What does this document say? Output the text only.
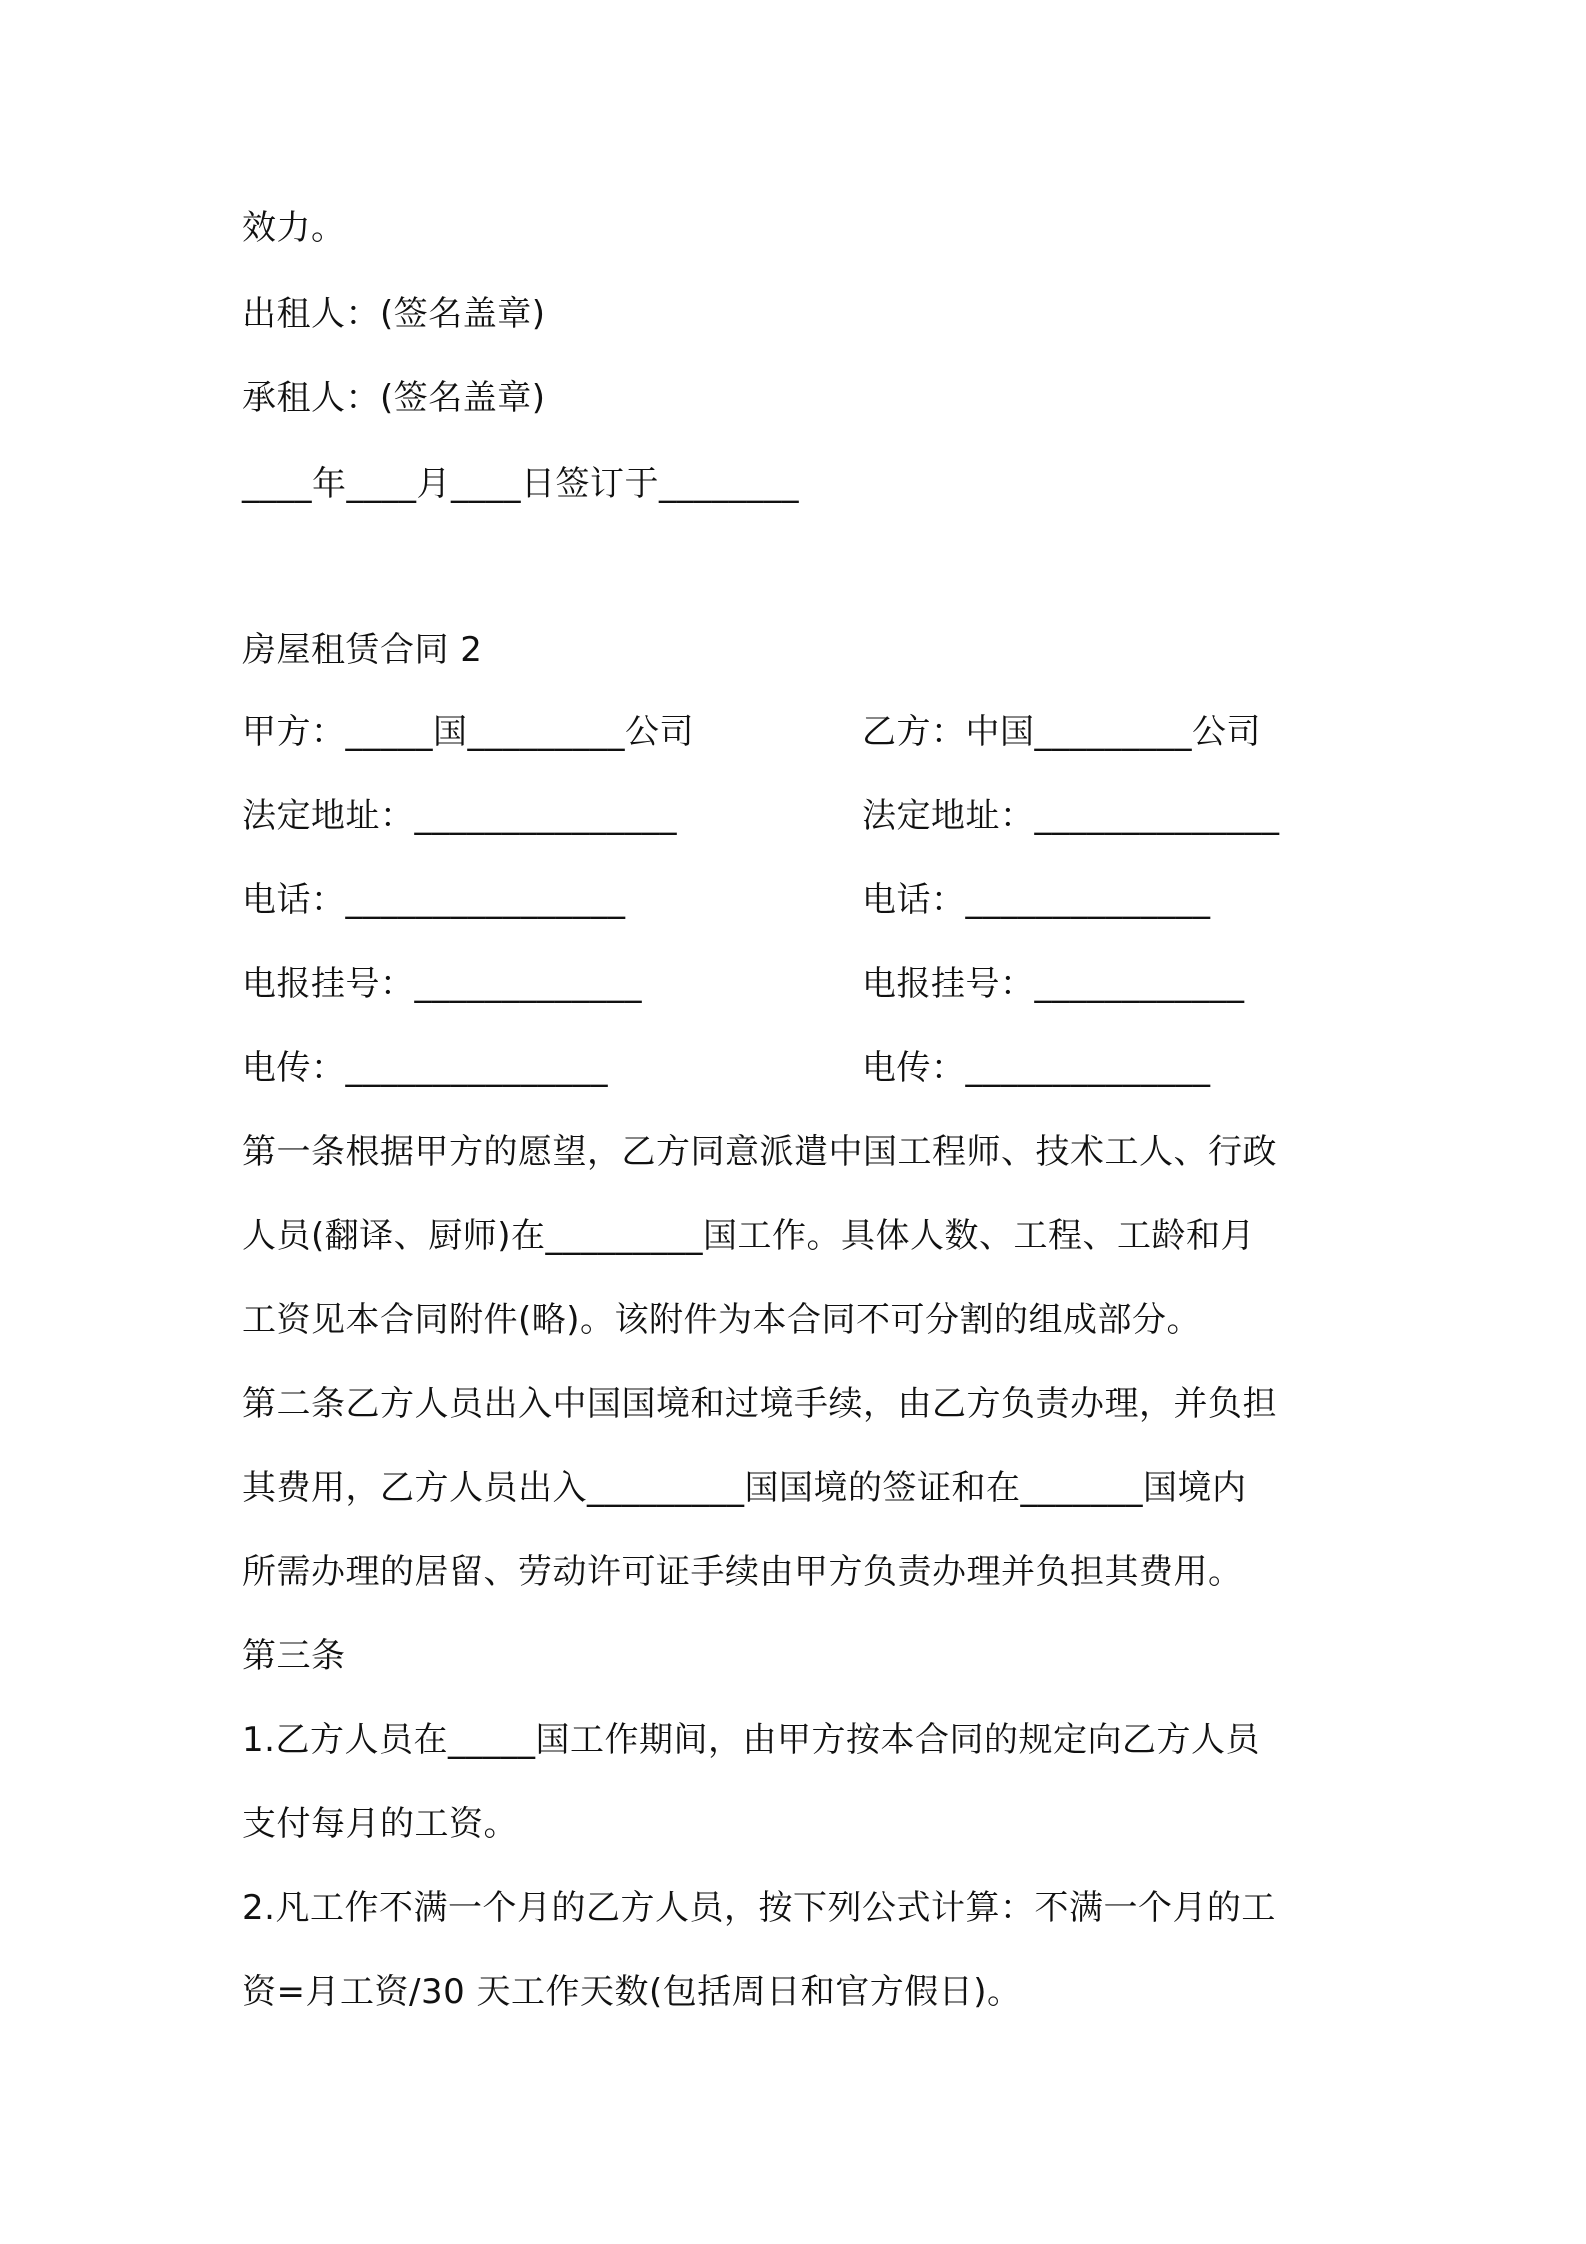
效力。
出租人：(签名盖章)
承租人：(签名盖章)
____年____月____日签订于________
房屋租赁合同 2
甲方：_____国_________公司	乙方：中国_________公司
法定地址：_______________	法定地址：______________
电话：________________	电话：______________
电报挂号：_____________	电报挂号：____________
电传：_______________	电传：______________
第一条根据甲方的愿望，乙方同意派遣中国工程师、技术工人、行政
人员(翻译、厨师)在_________国工作。具体人数、工程、工龄和月
工资见本合同附件(略)。该附件为本合同不可分割的组成部分。
第二条乙方人员出入中国国境和过境手续，由乙方负责办理，并负担
其费用，乙方人员出入_________国国境的签证和在_______国境内
所需办理的居留、劳动许可证手续由甲方负责办理并负担其费用。
第三条
1.乙方人员在_____国工作期间，由甲方按本合同的规定向乙方人员
支付每月的工资。
2.凡工作不满一个月的乙方人员，按下列公式计算：不满一个月的工
资=月工资/30 天工作天数(包括周日和官方假日)。
